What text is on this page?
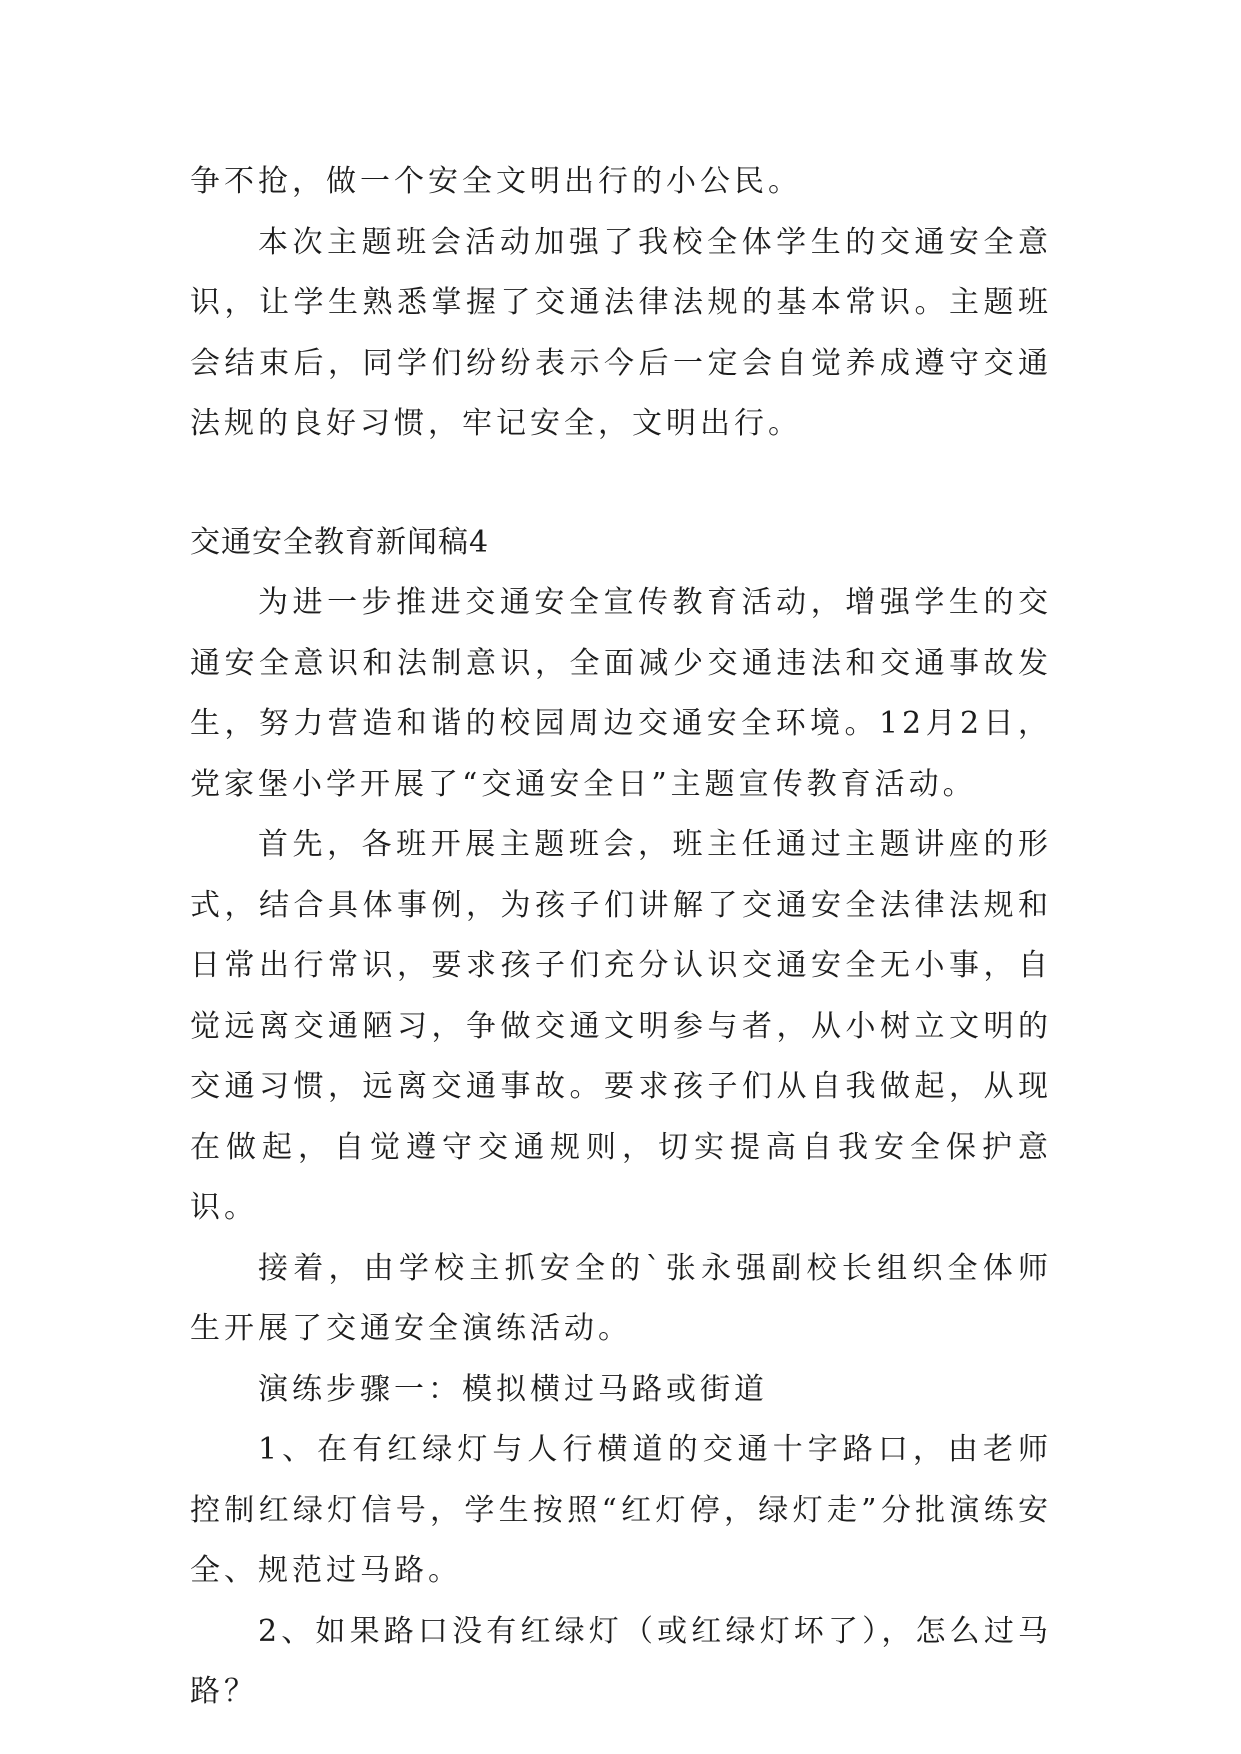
争不抢，做一个安全文明出行的小公民。

本次主题班会活动加强了我校全体学生的交通安全意识，让学生熟悉掌握了交通法律法规的基本常识。主题班会结束后，同学们纷纷表示今后一定会自觉养成遵守交通法规的良好习惯，牢记安全，文明出行。

交通安全教育新闻稿4

为进一步推进交通安全宣传教育活动，增强学生的交通安全意识和法制意识，全面减少交通违法和交通事故发生，努力营造和谐的校园周边交通安全环境。12月2日，党家堡小学开展了“交通安全日”主题宣传教育活动。

首先，各班开展主题班会，班主任通过主题讲座的形式，结合具体事例，为孩子们讲解了交通安全法律法规和日常出行常识，要求孩子们充分认识交通安全无小事，自觉远离交通陋习，争做交通文明参与者，从小树立文明的交通习惯，远离交通事故。要求孩子们从自我做起，从现在做起，自觉遵守交通规则，切实提高自我安全保护意识。

接着，由学校主抓安全的`张永强副校长组织全体师生开展了交通安全演练活动。

演练步骤一：模拟横过马路或街道

1、在有红绿灯与人行横道的交通十字路口，由老师控制红绿灯信号，学生按照“红灯停，绿灯走”分批演练安全、规范过马路。

2、如果路口没有红绿灯（或红绿灯坏了），怎么过马路？
